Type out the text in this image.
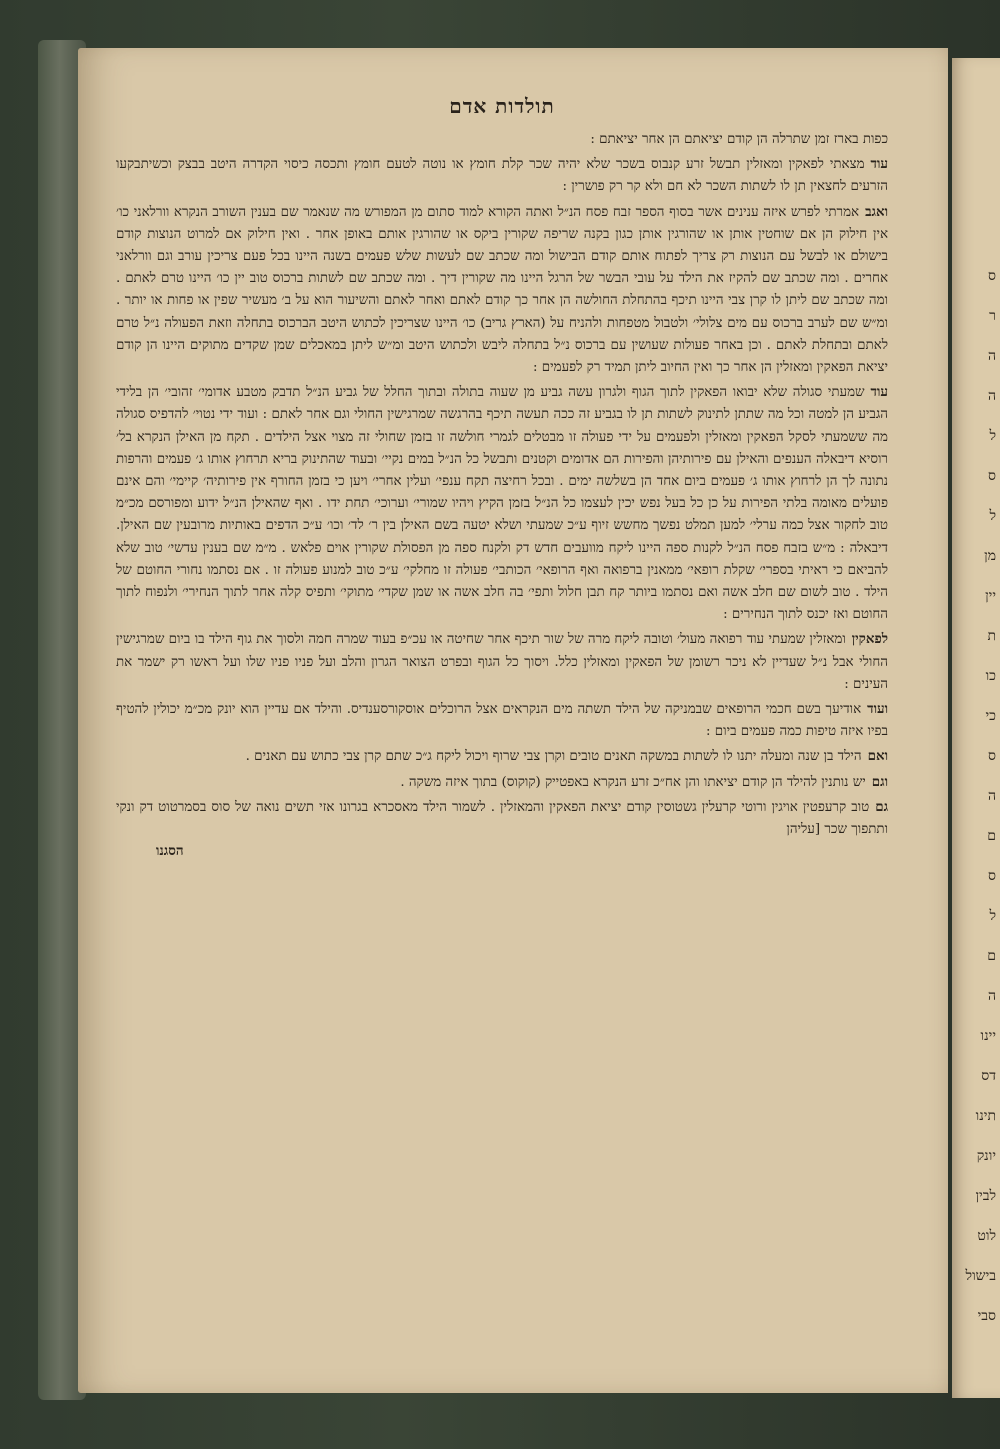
תולדות אדם

כפות בארז זמן שתרלה הן קודם יציאתם הן אחר יציאתם :

עודמצאתי לפאקין ומאזלין תבשל זרע קנבוס בשכר שלא יהיה שכר קלת חומץ או נוטה לטעם חומץ ותכסה כיסוי הקדרה היטב בבצק וכשיתבקעו הזרעים לחצאין תן לו לשתות השכר לא חם ולא קר רק פושרין :

ואגבאמרתי לפרש איזה ענינים אשר בסוף הספר זבח פסח הנ״ל ואתה הקורא למוד סתום מן המפורש מה שנאמר שם בענין השורב הנקרא וורלאני כו׳ אין חילוק הן אם שוחטין אותן או שהורגין אותן כגון בקנה שריפה שקורין ביקס או שהורגין אותם באופן אחר . ואין חילוק אם למרוט הנוצות קודם בישולם או לבשל עם הנוצות רק צריך לפתוח אותם קודם הבישול ומה שכתב שם לעשות שלש פעמים בשנה היינו בכל פעם צריכין עורב וגם וורלאני אחרים . ומה שכתב שם להקיז את הילד על עובי הבשר של הרגל היינו מה שקורין דיך . ומה שכתב שם לשתות ברכוס טוב יין כו׳ היינו טרם לאתם . ומה שכתב שם ליתן לו קרן צבי היינו תיכף בהתחלת החולשה הן אחר כך קודם לאתם ואחר לאתם והשיעור הוא על ב׳ מעשיר שפין או פחות או יותר . ומ״ש שם לערב ברכוס עם מים צלולי׳ ולטבול מטפחות ולהניח על (הארץ גריב) כו׳ היינו שצריכין לכתוש היטב הברכוס בתחלה וזאת הפעולה נ״ל טרם לאתם ובתחלת לאתם . וכן באחר פעולות שעושין עם ברכוס נ״ל בתחלה ליבש ולכתוש היטב ומ״ש ליתן במאכלים שמן שקדים מתוקים היינו הן קודם יציאת הפאקין ומאזלין הן אחר כך ואין החיוב ליתן תמיד רק לפעמים :

עודשמעתי סגולה שלא יבואו הפאקין לתוך הגוף ולגרון עשה גביע מן שעוה בתולה ובתוך החלל של גביע הנ״ל תדבק מטבע אדומי׳ זהובי׳ הן בלידי הגביע הן למטה וכל מה שתתן לתינוק לשתות תן לו בגביע זה ככה תעשה תיכף בהרגשה שמרגישין החולי וגם אחר לאתם : ועוד ידי נטוי׳ להדפיס סגולה מה ששמעתי לסקל הפאקין ומאזלין ולפעמים על ידי פעולה זו מבטלים לגמרי חולשה זו בזמן שחולי זה מצוי אצל הילדים . תקח מן האילן הנקרא בל׳ רוסיא דיבאלה הענפים והאילן עם פירותיהן והפירות הם אדומים וקטנים ותבשל כל הנ״ל במים נקיי׳ ובעוד שהתינוק בריא תרחוץ אותו ג׳ פעמים והרפות נתונה לך הן לרחוץ אותו ג׳ פעמים ביום אחד הן בשלשה ימים . ובכל רחיצה תקח ענפי׳ ועלין אחרי׳ ויען כי בזמן החורף אין פירותיה׳ קיימי׳ והם אינם פועלים מאומה בלתי הפירות על כן כל בעל נפש יכין לעצמו כל הנ״ל בזמן הקיץ ויהיו שמורי׳ וערוכי׳ תחת ידו . ואף שהאילן הנ״ל ידוע ומפורסם מכ״מ טוב לחקור אצל כמה ערלי׳ למען תמלט נפשך מחשש זיוף ע״כ שמעתי ושלא יטעה בשם האילן בין ר׳ לד׳ וכו׳ ע״כ הדפים באותיות מרובעין שם האילן. דיבאלה : מ״ש בזבח פסח הנ״ל לקנות ספה היינו ליקח מוועבים חדש דק ולקנח ספה מן הפסולת שקורין אוים פלאש . מ״מ שם בענין עדשי׳ טוב שלא להביאם כי ראיתי בספרי׳ שקלת רופאי׳ ממאנין ברפואה ואף הרופאי׳ הכותבי׳ פעולה זו מחלקי׳ ע״כ טוב למנוע פעולה זו . אם נסתמו נחורי החוטם של הילד . טוב לשום שם חלב אשה ואם נסתמו ביותר קח תבן חלול ותפי׳ בה חלב אשה או שמן שקדי׳ מתוקי׳ ותפיס קלה אחר לתוך הנחירי׳ ולנפוח לתוך החוטם ואז יכנס לתוך הנחירים :

לפאקיןומאזלין שמעתי עוד רפואה מעול׳ וטובה ליקח מרה של שור תיכף אחר שחיטה או עכ״פ בעוד שמרה חמה ולסוך את גוף הילד בו ביום שמרגישין החולי אבל נ״ל שעדיין לא ניכר רשומן של הפאקין ומאזלין כלל. ויסוך כל הגוף ובפרט הצואר הגרון והלב ועל פניו פניו שלו ועל ראשו רק ישמר את העינים :

ועודאודיעך בשם חכמי הרופאים שבמניקה של הילד תשתה מים הנקראים אצל הרוכלים אוסקורסענדיס. והילד אם עדיין הוא יונק מכ״מ יכולין להטיף בפיו איזה טיפות כמה פעמים ביום :

ואםהילד בן שנה ומעלה יתנו לו לשתות במשקה תאנים טובים וקרן צבי שרוף ויכול ליקח ג״כ שתם קרן צבי כתוש עם תאנים .

וגםיש נותנין להילד הן קודם יציאתו והן אח״כ זרע הנקרא באפטייק (קוקוס) בתוך איזה משקה .

גםטוב קרעפטין אויגין ורוטי קרעלין גשטוסין קודם יציאת הפאקין והמאזלין . לשמור הילד מאסכרא בגרונו אזי תשים נואה של סוס בסמרטוט דק ונקי ותתפוך שכר [עליהן

הסגנו
ס
ר
ה
ה
ל
ס
ל
מן
יין
ת
כו
כי
ס
ה
ם
ס
ל
ם
ה
יינו
דס
תינו
יונק
לבין
לוט
בישול
סבי
